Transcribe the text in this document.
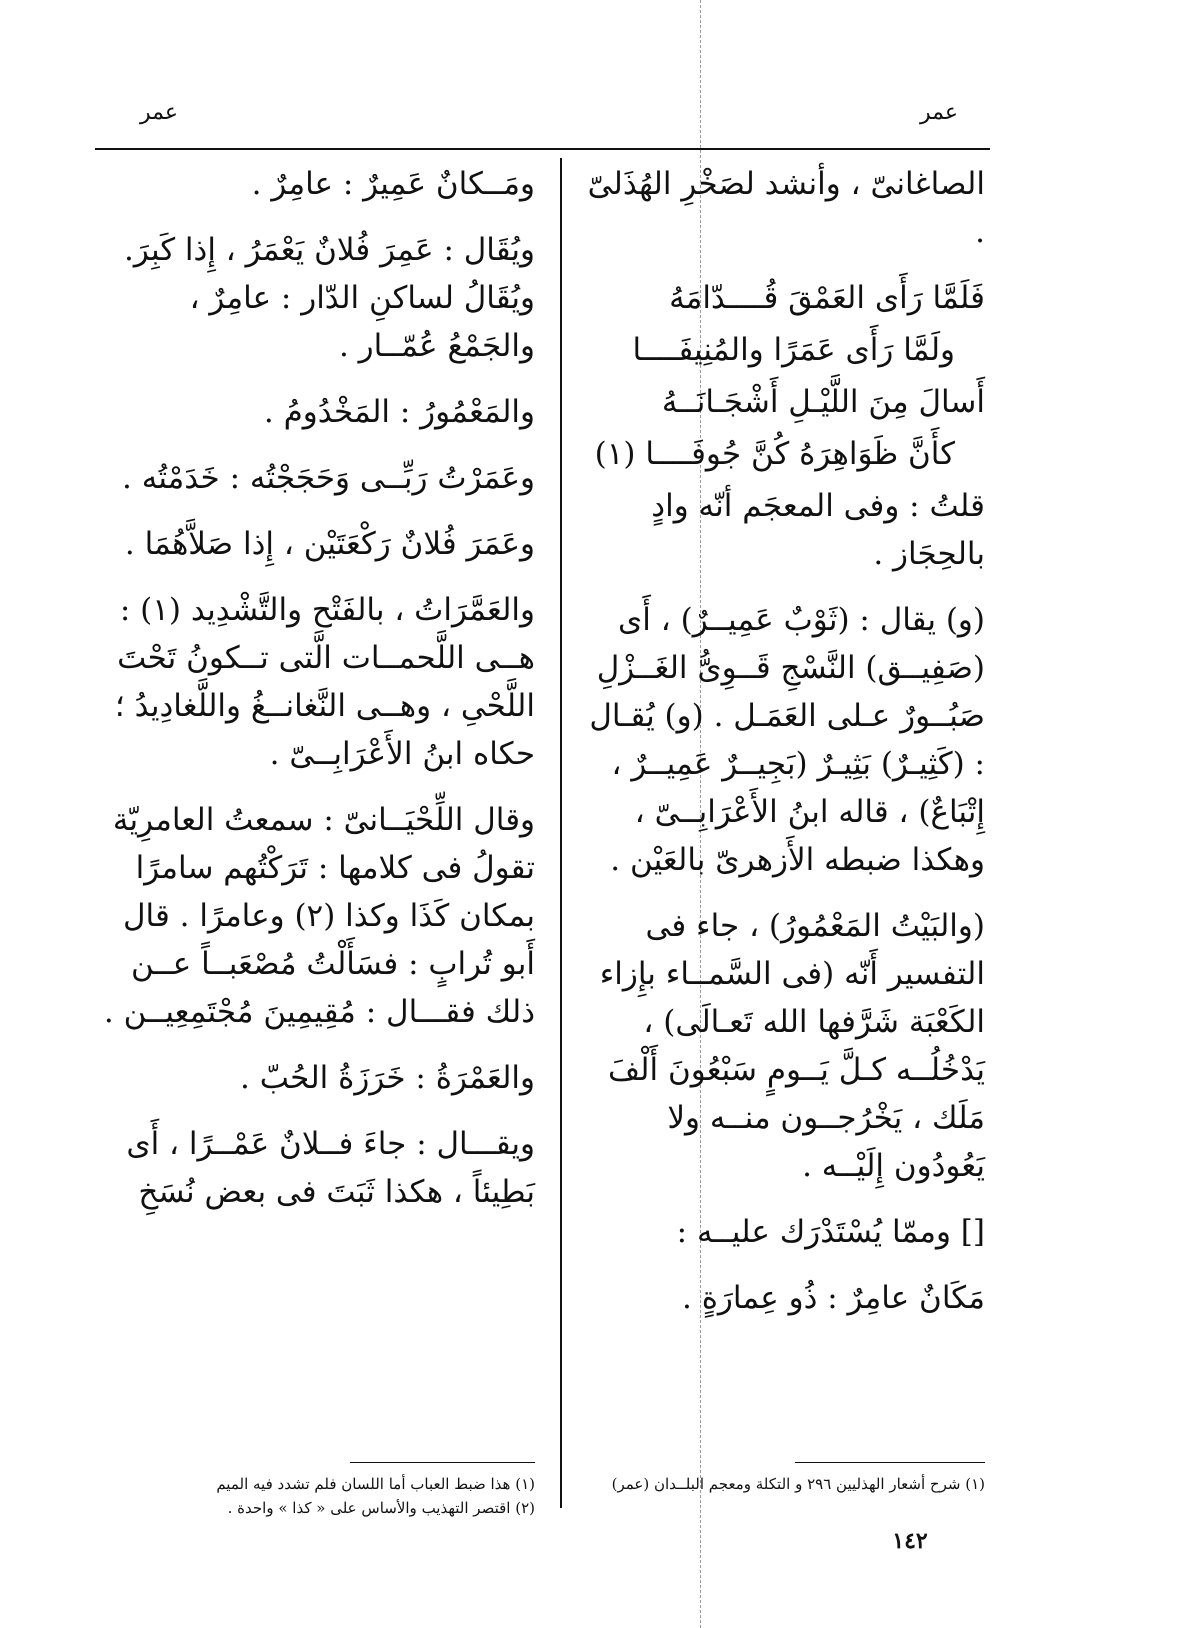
عمر
عمر

الصاغانىّ ، وأنشد لصَخْرِ الهُذَلىّ .

فَلَمَّا رَأَى العَمْقَ قُــــدّامَهُ

ولَمَّا رَأَى عَمَرًا والمُنِيفَــــا

أَسالَ مِنَ اللَّيْـلِ أَشْجَـانَــهُ

كأَنَّ ظَوَاهِرَهُ كُنَّ جُوفَــــا (١)

قلتُ : وفى المعجَم أنّه وادٍ بالحِجَاز .

(و) يقال : (ثَوْبٌ عَمِيــرٌ) ، أَى (صَفِيــق) النَّسْجِ قَــوِىُّ الغَــزْلِ صَبُــورٌ عـلى العَمَـل . (و) يُقـال : (كَثِيـرٌ) بَثِيـرٌ (بَجِيــرٌ عَمِيــرٌ ، إِتْبَاعٌ) ، قاله ابنُ الأَعْرَابِــىّ ، وهكذا ضبطه الأَزهرىّ بالعَيْن .

(والبَيْتُ المَعْمُورُ) ، جاء فى التفسير أَنّه (فى السَّمــاء بإِزاء الكَعْبَة شَرَّفها الله تَعـالَى) ، يَدْخُلُــه كـلَّ يَــومٍ سَبْعُونَ أَلْفَ مَلَك ، يَخْرُجــون منــه ولا يَعُودُون إِلَيْــه .

[] وممّا يُسْتَدْرَك عليــه :

مَكَانٌ عامِرٌ : ذُو عِمارَةٍ .

ومَــكانٌ عَمِيرٌ : عامِرٌ .

ويُقَال : عَمِرَ فُلانٌ يَعْمَرُ ، إِذا كَبِرَ. ويُقَالُ لساكنِ الدّار : عامِرٌ ، والجَمْعُ عُمّــار .

والمَعْمُورُ : المَخْدُومُ .

وعَمَرْتُ رَبِّــى وَحَجَجْتُه : خَدَمْتُه .

وعَمَرَ فُلانٌ رَكْعَتَيْن ، إِذا صَلاَّهُمَا .

والعَمَّرَاتُ ، بالفَتْح والتَّشْدِيد (١) : هــى اللَّحمــات الَّتى تــكونُ تَحْتَ اللَّحْىِ ، وهــى النَّغانــغُ واللَّغادِيدُ ؛ حكاه ابنُ الأَعْرَابِــىّ .

وقال اللِّحْيَــانىّ : سمعتُ العامرِيّة تقولُ فى كلامها : تَرَكْتُهم سامرًا بمكان كَذَا وكذا (٢) وعامرًا . قال أَبو تُرابٍ : فسَأَلْتُ مُصْعَبــاً عــن ذلك فقـــال : مُقِيمِينَ مُجْتَمِعِيــن .

والعَمْرَةُ : خَرَزَةُ الحُبّ .

ويقـــال : جاءَ فــلانٌ عَمْــرًا ، أَى بَطِيئاً ، هكذا ثَبَتَ فى بعض نُسَخِ

(١) شرح أشعار الهذليين ٢٩٦ و التكلة ومعجم البلــدان (عمر)

(١) هذا ضبط العباب أما اللسان فلم تشدد فيه الميم

(٢) اقتصر التهذيب والأساس على « كذا » واحدة .

١٤٢
